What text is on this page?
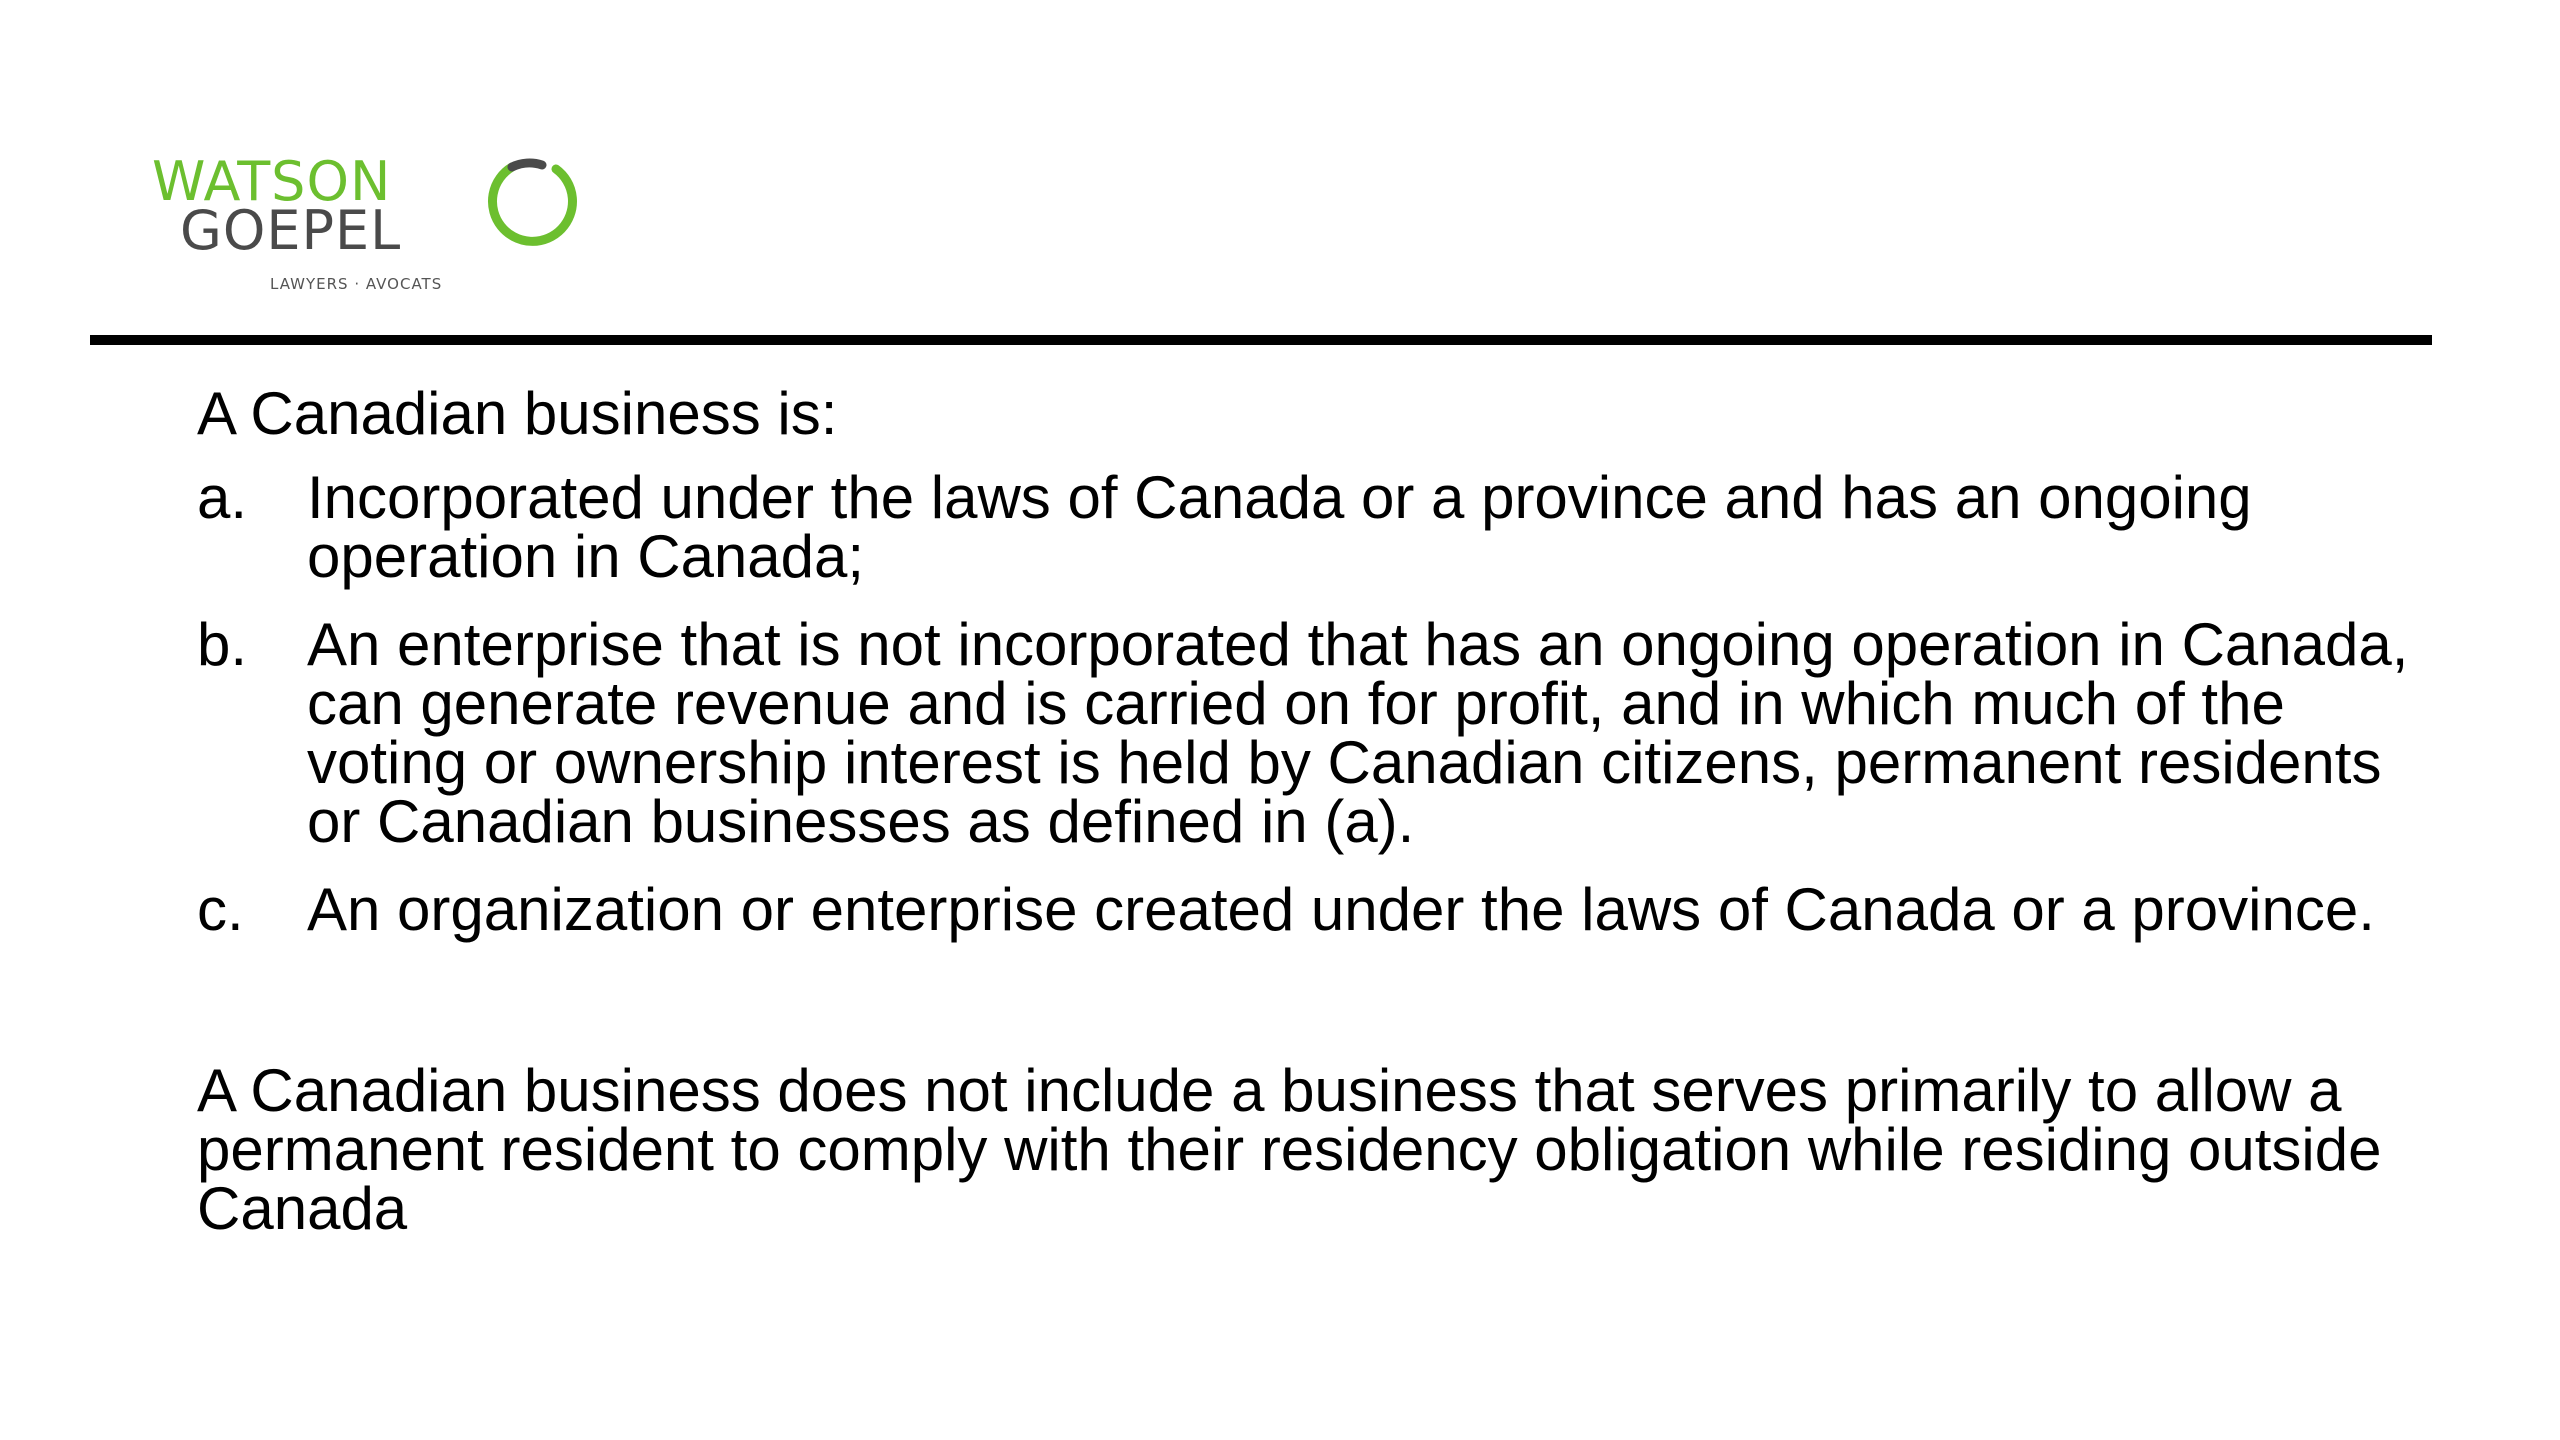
WATSON
GOEPEL
LAWYERS · AVOCATS
A Canadian business is:
a. Incorporated under the laws of Canada or a province and has an ongoing operation in Canada;
b. An enterprise that is not incorporated that has an ongoing operation in Canada, can generate revenue and is carried on for profit, and in which much of the voting or ownership interest is held by Canadian citizens, permanent residents or Canadian businesses as defined in (a).
c. An organization or enterprise created under the laws of Canada or a province.
A Canadian business does not include a business that serves primarily to allow a permanent resident to comply with their residency obligation while residing outside Canada
